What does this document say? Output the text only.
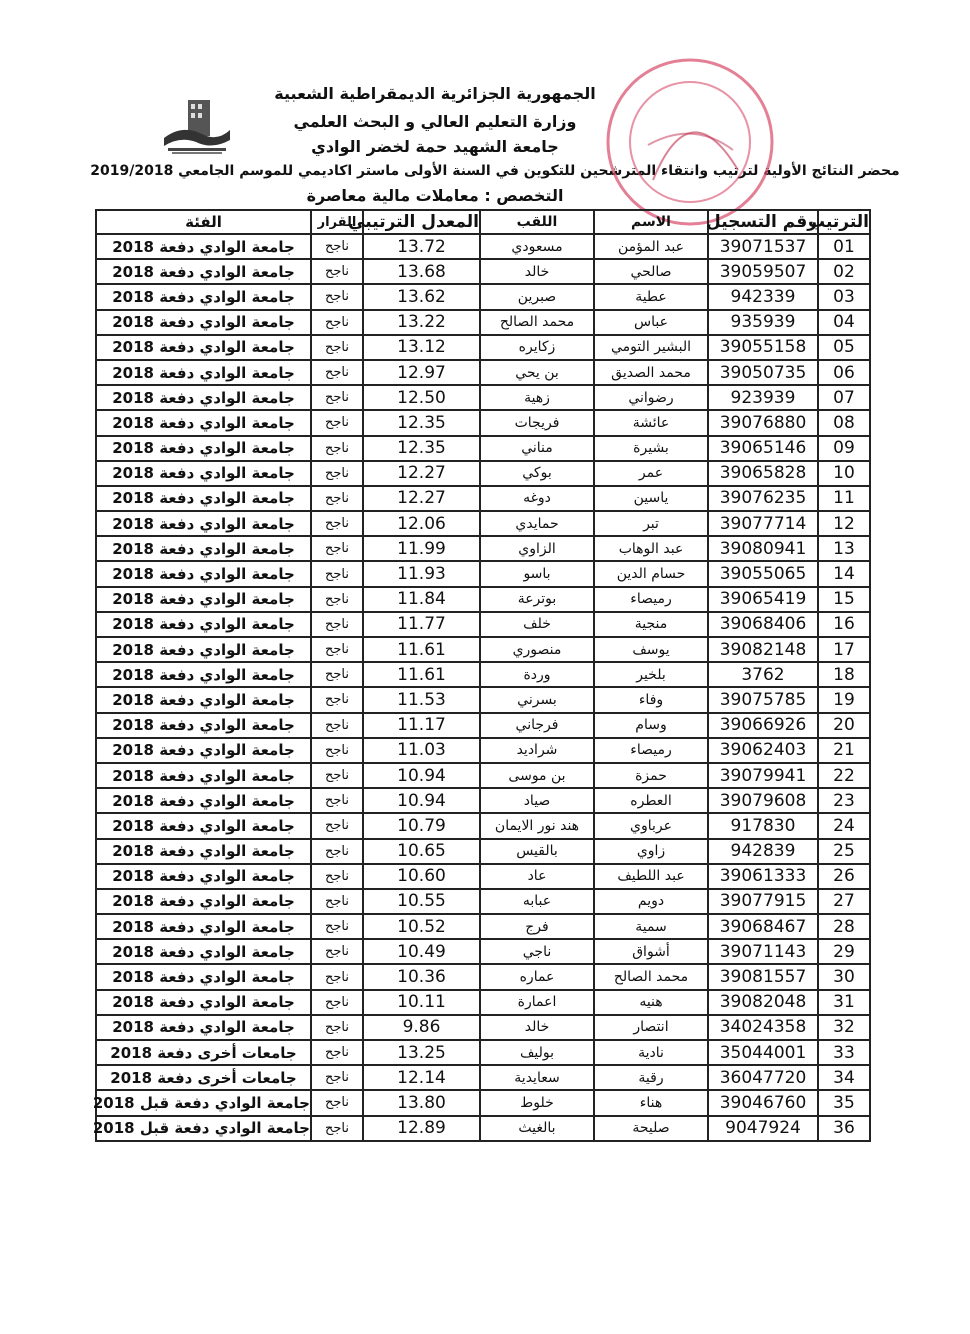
الجمهورية الجزائرية الديمقراطية الشعبية
وزارة التعليم العالي و البحث العلمي
جامعة الشهيد حمة لخضر الوادي
محضر النتائج الأولية لترتيب وانتقاء المترشحين للتكوين في السنة الأولى ماستر اكاديمي للموسم الجامعي 2019/2018
التخصص : معاملات مالية معاصرة
الترتيب	رقم التسجيل	الاسم	اللقب	المعدل الترتيبي	القرار	الفئة
01	39071537	عبد المؤمن	مسعودي	13.72	ناجح	جامعة الوادي دفعة 2018
02	39059507	صالحي	خالد	13.68	ناجح	جامعة الوادي دفعة 2018
03	942339	عطية	صبرين	13.62	ناجح	جامعة الوادي دفعة 2018
04	935939	عباس	محمد الصالح	13.22	ناجح	جامعة الوادي دفعة 2018
05	39055158	البشير التومي	زكايره	13.12	ناجح	جامعة الوادي دفعة 2018
06	39050735	محمد الصديق	بن يحي	12.97	ناجح	جامعة الوادي دفعة 2018
07	923939	رضواني	زهية	12.50	ناجح	جامعة الوادي دفعة 2018
08	39076880	عائشة	فريجات	12.35	ناجح	جامعة الوادي دفعة 2018
09	39065146	بشيرة	مناني	12.35	ناجح	جامعة الوادي دفعة 2018
10	39065828	عمر	بوكي	12.27	ناجح	جامعة الوادي دفعة 2018
11	39076235	ياسين	دوغه	12.27	ناجح	جامعة الوادي دفعة 2018
12	39077714	تبر	حمايدي	12.06	ناجح	جامعة الوادي دفعة 2018
13	39080941	عبد الوهاب	الزاوي	11.99	ناجح	جامعة الوادي دفعة 2018
14	39055065	حسام الدين	باسو	11.93	ناجح	جامعة الوادي دفعة 2018
15	39065419	رميصاء	بوترعة	11.84	ناجح	جامعة الوادي دفعة 2018
16	39068406	منجية	خلف	11.77	ناجح	جامعة الوادي دفعة 2018
17	39082148	يوسف	منصوري	11.61	ناجح	جامعة الوادي دفعة 2018
18	3762	بلخير	وردة	11.61	ناجح	جامعة الوادي دفعة 2018
19	39075785	وفاء	بسرني	11.53	ناجح	جامعة الوادي دفعة 2018
20	39066926	وسام	فرجاني	11.17	ناجح	جامعة الوادي دفعة 2018
21	39062403	رميصاء	شراديد	11.03	ناجح	جامعة الوادي دفعة 2018
22	39079941	حمزة	بن موسى	10.94	ناجح	جامعة الوادي دفعة 2018
23	39079608	العطره	صياد	10.94	ناجح	جامعة الوادي دفعة 2018
24	917830	عرباوي	هند نور الايمان	10.79	ناجح	جامعة الوادي دفعة 2018
25	942839	زاوي	بالقيس	10.65	ناجح	جامعة الوادي دفعة 2018
26	39061333	عبد اللطيف	عاد	10.60	ناجح	جامعة الوادي دفعة 2018
27	39077915	دويم	عبابه	10.55	ناجح	جامعة الوادي دفعة 2018
28	39068467	سمية	فرج	10.52	ناجح	جامعة الوادي دفعة 2018
29	39071143	أشواق	ناجي	10.49	ناجح	جامعة الوادي دفعة 2018
30	39081557	محمد الصالح	عماره	10.36	ناجح	جامعة الوادي دفعة 2018
31	39082048	هنيه	اعمارة	10.11	ناجح	جامعة الوادي دفعة 2018
32	34024358	انتصار	خالد	9.86	ناجح	جامعة الوادي دفعة 2018
33	35044001	نادية	بوليف	13.25	ناجح	جامعات أخرى دفعة 2018
34	36047720	رقية	سعايدية	12.14	ناجح	جامعات أخرى دفعة 2018
35	39046760	هناء	خلوط	13.80	ناجح	جامعة الوادي دفعة قبل 2018
36	9047924	صليحة	بالغيث	12.89	ناجح	جامعة الوادي دفعة قبل 2018
